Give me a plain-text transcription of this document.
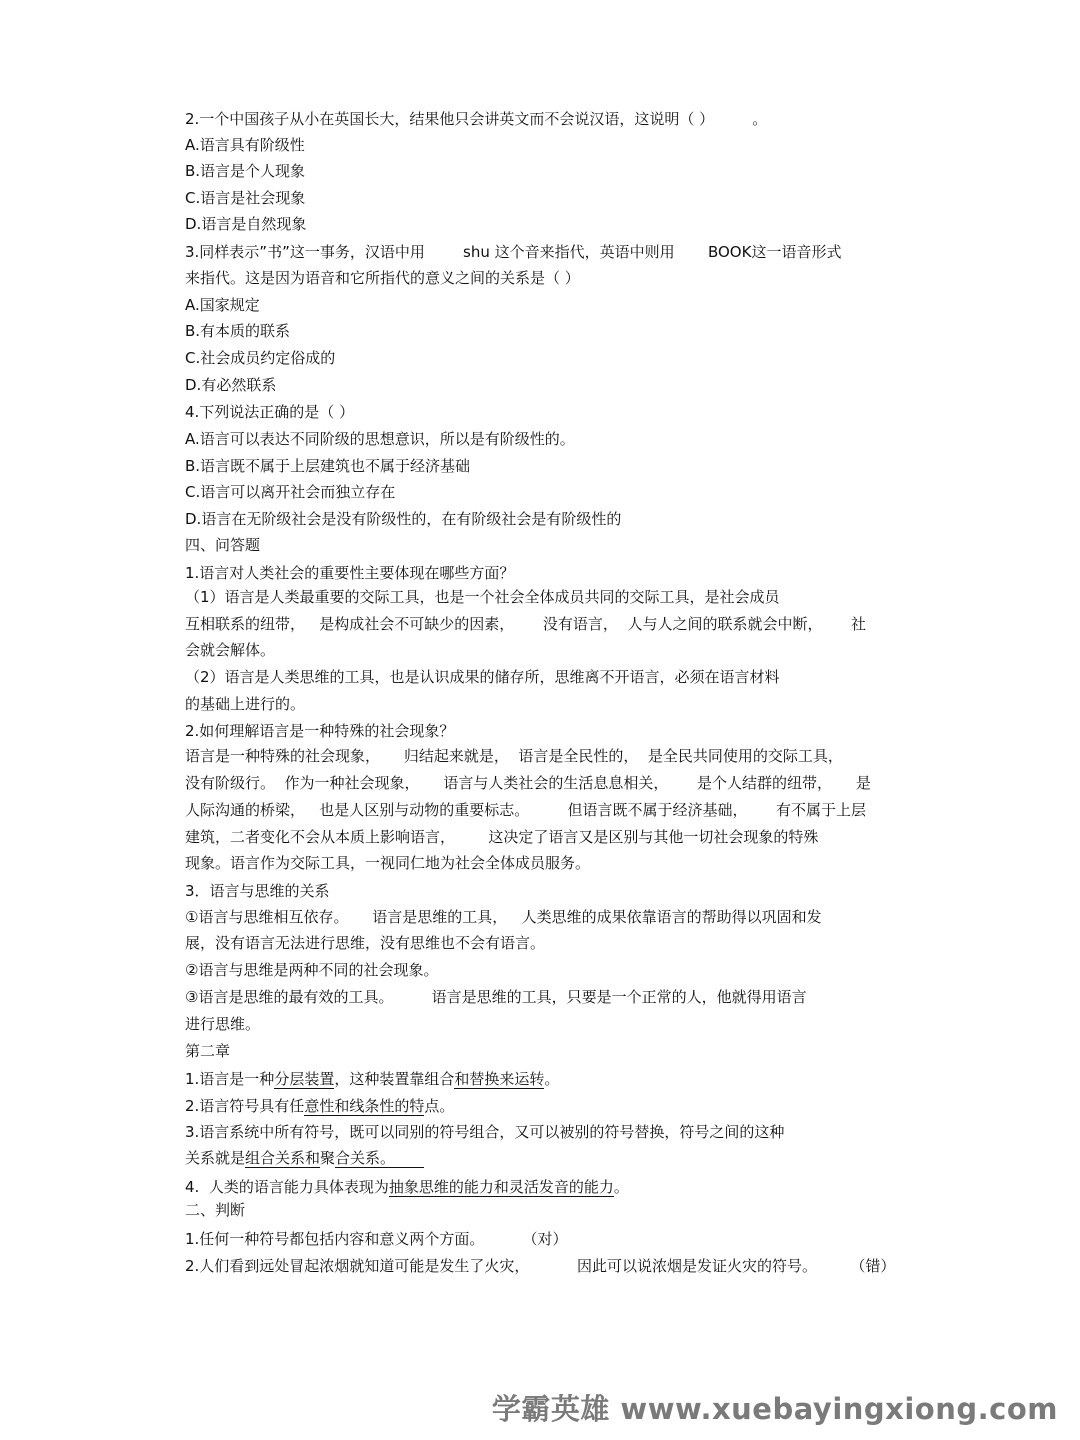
2.一个中国孩子从小在英国长大，结果他只会讲英文而不会说汉语，这说明（ ）        。
A.语言具有阶级性
B.语言是个人现象
C.语言是社会现象
D.语言是自然现象
3.同样表示”书”这一事务，汉语中用        shu 这个音来指代，英语中则用       BOOK这一语音形式
来指代。这是因为语音和它所指代的意义之间的关系是（ ）
A.国家规定
B.有本质的联系
C.社会成员约定俗成的
D.有必然联系
4.下列说法正确的是（ ）
A.语言可以表达不同阶级的思想意识，所以是有阶级性的。
B.语言既不属于上层建筑也不属于经济基础
C.语言可以离开社会而独立存在
D.语言在无阶级社会是没有阶级性的，在有阶级社会是有阶级性的
四、问答题
1.语言对人类社会的重要性主要体现在哪些方面？
（1）语言是人类最重要的交际工具，也是一个社会全体成员共同的交际工具，是社会成员
互相联系的纽带，   是构成社会不可缺少的因素，      没有语言，  人与人之间的联系就会中断，      社
会就会解体。
（2）语言是人类思维的工具，也是认识成果的储存所，思维离不开语言，必须在语言材料
的基础上进行的。
2.如何理解语言是一种特殊的社会现象？
语言是一种特殊的社会现象，     归结起来就是，  语言是全民性的，  是全民共同使用的交际工具，
没有阶级行。  作为一种社会现象，     语言与人类社会的生活息息相关，      是个人结群的纽带，     是
人际沟通的桥梁，   也是人区别与动物的重要标志。        但语言既不属于经济基础，      有不属于上层
建筑，二者变化不会从本质上影响语言，       这决定了语言又是区别与其他一切社会现象的特殊
现象。语言作为交际工具，一视同仁地为社会全体成员服务。
3．语言与思维的关系
①语言与思维相互依存。     语言是思维的工具，   人类思维的成果依靠语言的帮助得以巩固和发
展，没有语言无法进行思维，没有思维也不会有语言。
②语言与思维是两种不同的社会现象。
③语言是思维的最有效的工具。        语言是思维的工具，只要是一个正常的人，他就得用语言
进行思维。
第二章
1.语言是一种分层装置，这种装置靠组合和替换来运转。
2.语言符号具有任意性和线条性的特点。
3.语言系统中所有符号，既可以同别的符号组合，又可以被别的符号替换，符号之间的这种
关系就是组合关系和聚合关系。
4.  人类的语言能力具体表现为抽象思维的能力和灵活发音的能力。
二、判断
1.任何一种符号都包括内容和意义两个方面。        （对）
2.人们看到远处冒起浓烟就知道可能是发生了火灾，          因此可以说浓烟是发证火灾的符号。       （错）
学霸英雄 www.xuebayingxiong.com
